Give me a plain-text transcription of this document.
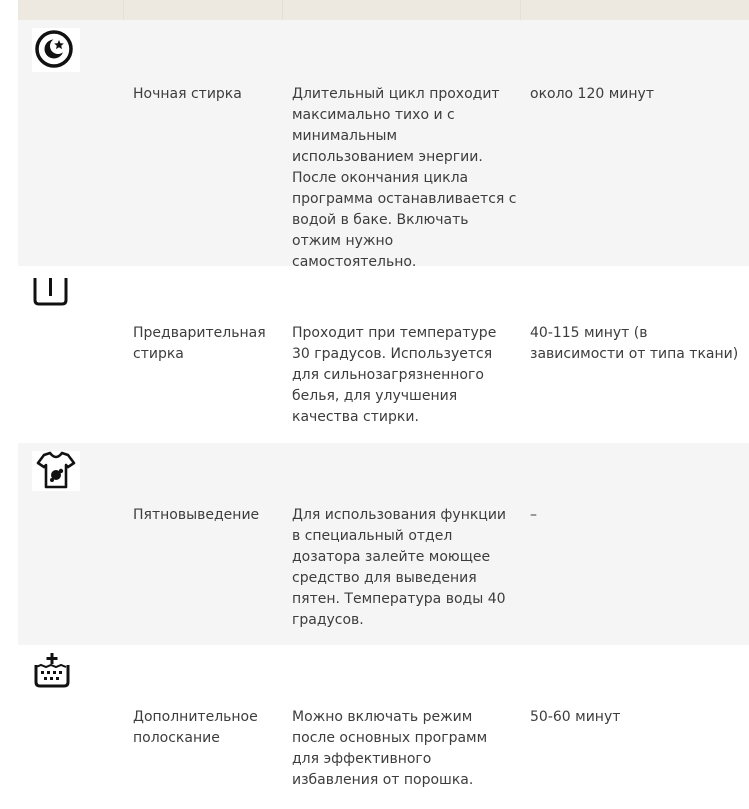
Ночная стирка	Длительный цикл проходит максимально тихо и с минимальным использованием энергии. После окончания цикла программа останавливается с водой в баке. Включать отжим нужно самостоятельно.
около 120 минут
Предварительная стирка
Проходит при температуре 30 градусов. Используется для сильнозагрязненного белья, для улучшения качества стирки.
40-115 минут (в зависимости от типа ткани)
Пятновыведение	Для использования функции в специальный отдел дозатора залейте моющее средство для выведения пятен. Температура воды 40 градусов.
–
Дополнительное полоскание
Можно включать режим после основных программ для эффективного избавления от порошка.
50-60 минут
